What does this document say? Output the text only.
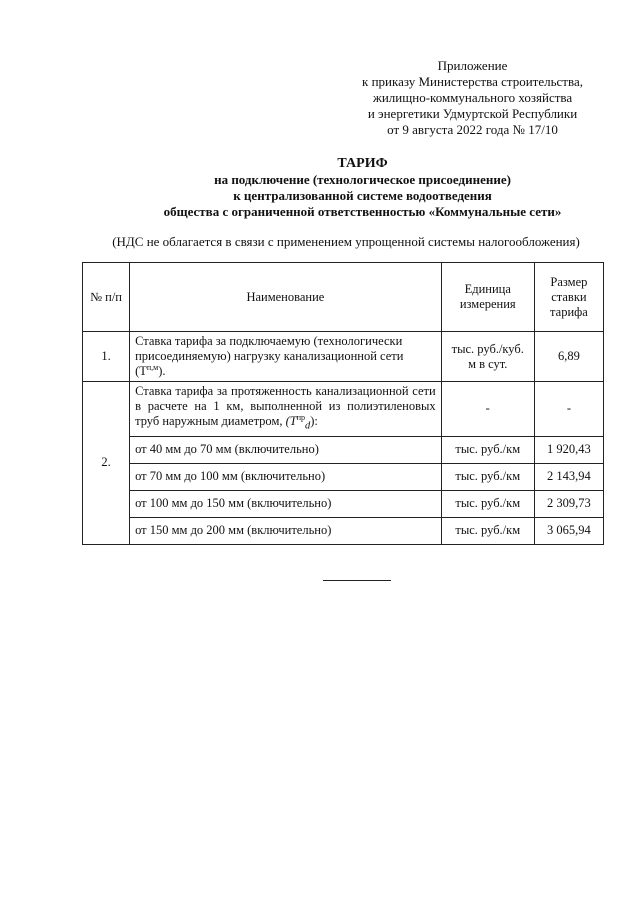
Приложение
к приказу Министерства строительства,
жилищно-коммунального хозяйства
и энергетики Удмуртской Республики
от 9 августа 2022 года № 17/10
ТАРИФ
на подключение (технологическое присоединение)
к централизованной системе водоотведения
общества с ограниченной ответственностью «Коммунальные сети»
(НДС не облагается в связи с применением упрощенной системы налогообложения)
№ п/п	Наименование	Единица измерения	Размер ставки тарифа
1.	Ставка тарифа за подключаемую (технологически присоединяемую) нагрузку канализационной сети $(Т^{п,м})$.	тыс. руб./куб. м в сут.	6,89
2.	Ставка тарифа за протяженность канализационной сети в расчете на 1 км, выполненной из полиэтиленовых труб наружным диаметром, $(T^{пр}_d)$:	-	-
	от 40 мм до 70 мм (включительно)	тыс. руб./км	1 920,43
	от 70 мм до 100 мм (включительно)	тыс. руб./км	2 143,94
	от 100 мм до 150 мм (включительно)	тыс. руб./км	2 309,73
	от 150 мм до 200 мм (включительно)	тыс. руб./км	3 065,94
